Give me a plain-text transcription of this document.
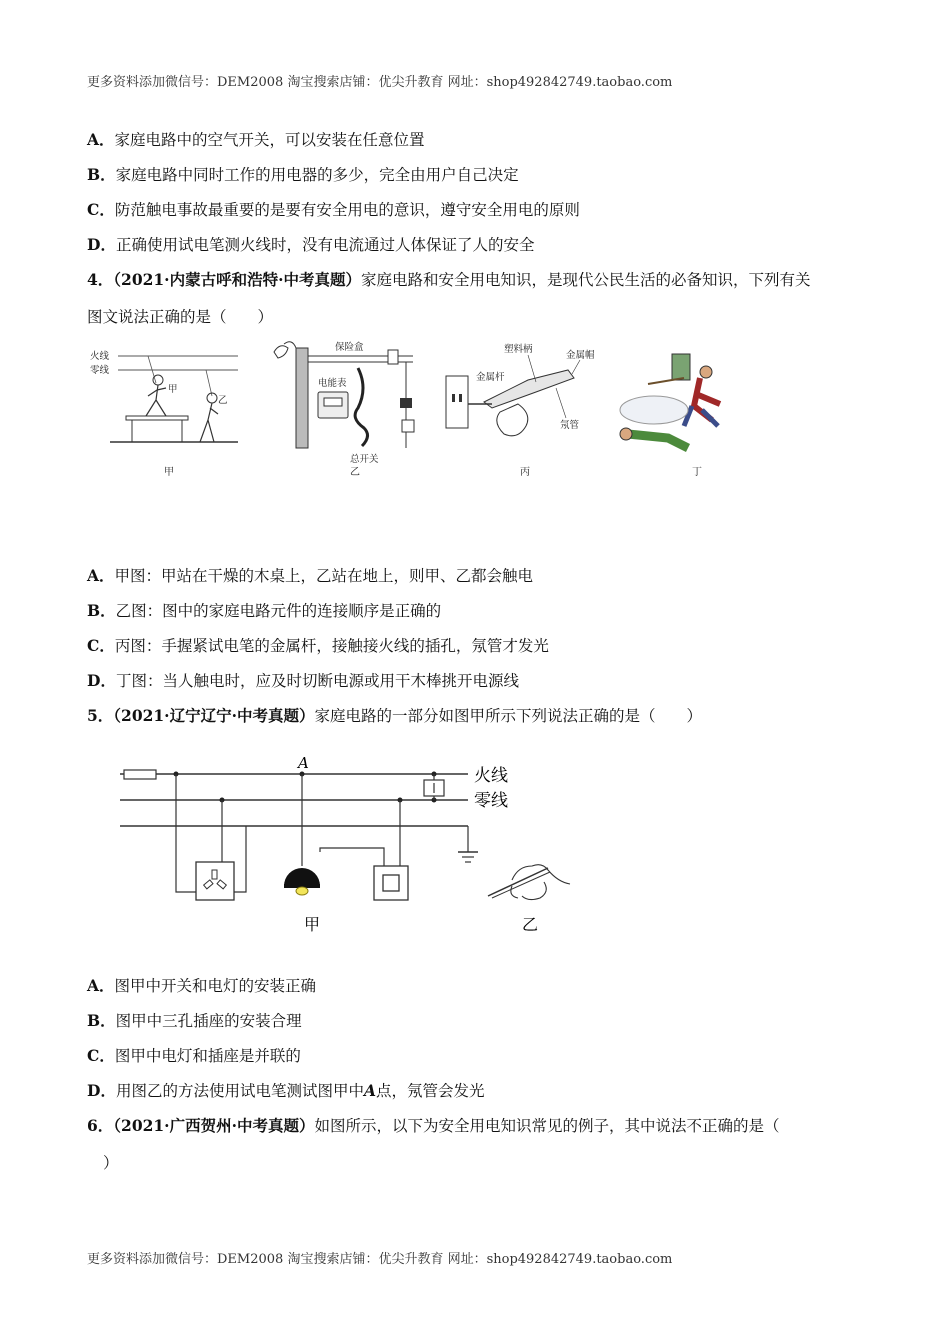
更多资料添加微信号：DEM2008 淘宝搜索店铺：优尖升教育 网址：shop492842749.taobao.com
A．家庭电路中的空气开关，可以安装在任意位置
B．家庭电路中同时工作的用电器的多少，完全由用户自己决定
C．防范触电事故最重要的是要有安全用电的意识，遵守安全用电的原则
D．正确使用试电笔测火线时，没有电流通过人体保证了人的安全
4．（2021·内蒙古呼和浩特·中考真题）家庭电路和安全用电知识，是现代公民生活的必备知识，下列有关
图文说法正确的是（　　）
火线
零线
甲
乙
甲
保险盒
电能表
总开关
乙
塑料柄
金属帽
金属杆
氖管
丙	丁
A．甲图：甲站在干燥的木桌上，乙站在地上，则甲、乙都会触电
B．乙图：图中的家庭电路元件的连接顺序是正确的
C．丙图：手握紧试电笔的金属杆，接触接火线的插孔，氖管才发光
D．丁图：当人触电时，应及时切断电源或用干木棒挑开电源线
5．（2021·辽宁辽宁·中考真题）家庭电路的一部分如图甲所示下列说法正确的是（　　）
火线
零线
A
甲	乙
A．图甲中开关和电灯的安装正确
B．图甲中三孔插座的安装合理
C．图甲中电灯和插座是并联的
D．用图乙的方法使用试电笔测试图甲中A点，氖管会发光
6．（2021·广西贺州·中考真题）如图所示，以下为安全用电知识常见的例子，其中说法不正确的是（
）
更多资料添加微信号：DEM2008 淘宝搜索店铺：优尖升教育 网址：shop492842749.taobao.com
